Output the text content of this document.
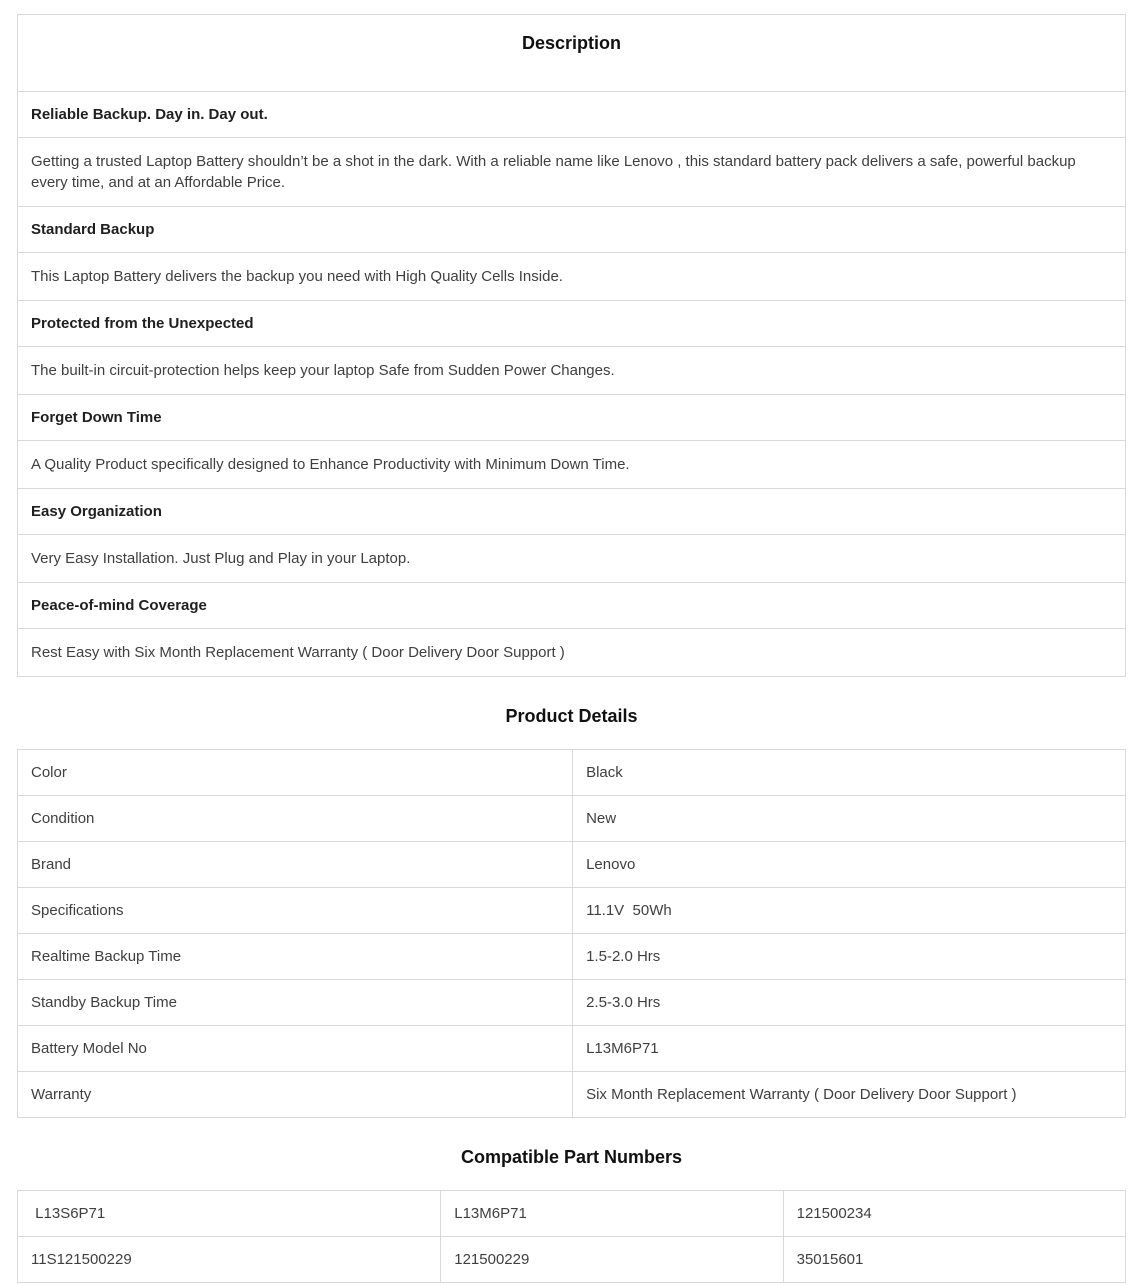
Description
Reliable Backup. Day in. Day out.
Getting a trusted Laptop Battery shouldn’t be a shot in the dark. With a reliable name like Lenovo , this standard battery pack delivers a safe, powerful backup every time, and at an Affordable Price.
Standard Backup
This Laptop Battery delivers the backup you need with High Quality Cells Inside.
Protected from the Unexpected
The built-in circuit-protection helps keep your laptop Safe from Sudden Power Changes.
Forget Down Time
A Quality Product specifically designed to Enhance Productivity with Minimum Down Time.
Easy Organization
Very Easy Installation. Just Plug and Play in your Laptop.
Peace-of-mind Coverage
Rest Easy with Six Month Replacement Warranty ( Door Delivery Door Support )
Product Details
Color	Black
Condition	New
Brand	Lenovo
Specifications	11.1V  50Wh
Realtime Backup Time	1.5-2.0 Hrs
Standby Backup Time	2.5-3.0 Hrs
Battery Model No	L13M6P71
Warranty	Six Month Replacement Warranty ( Door Delivery Door Support )
Compatible Part Numbers
L13S6P71	L13M6P71	121500234
11S121500229	121500229	35015601
